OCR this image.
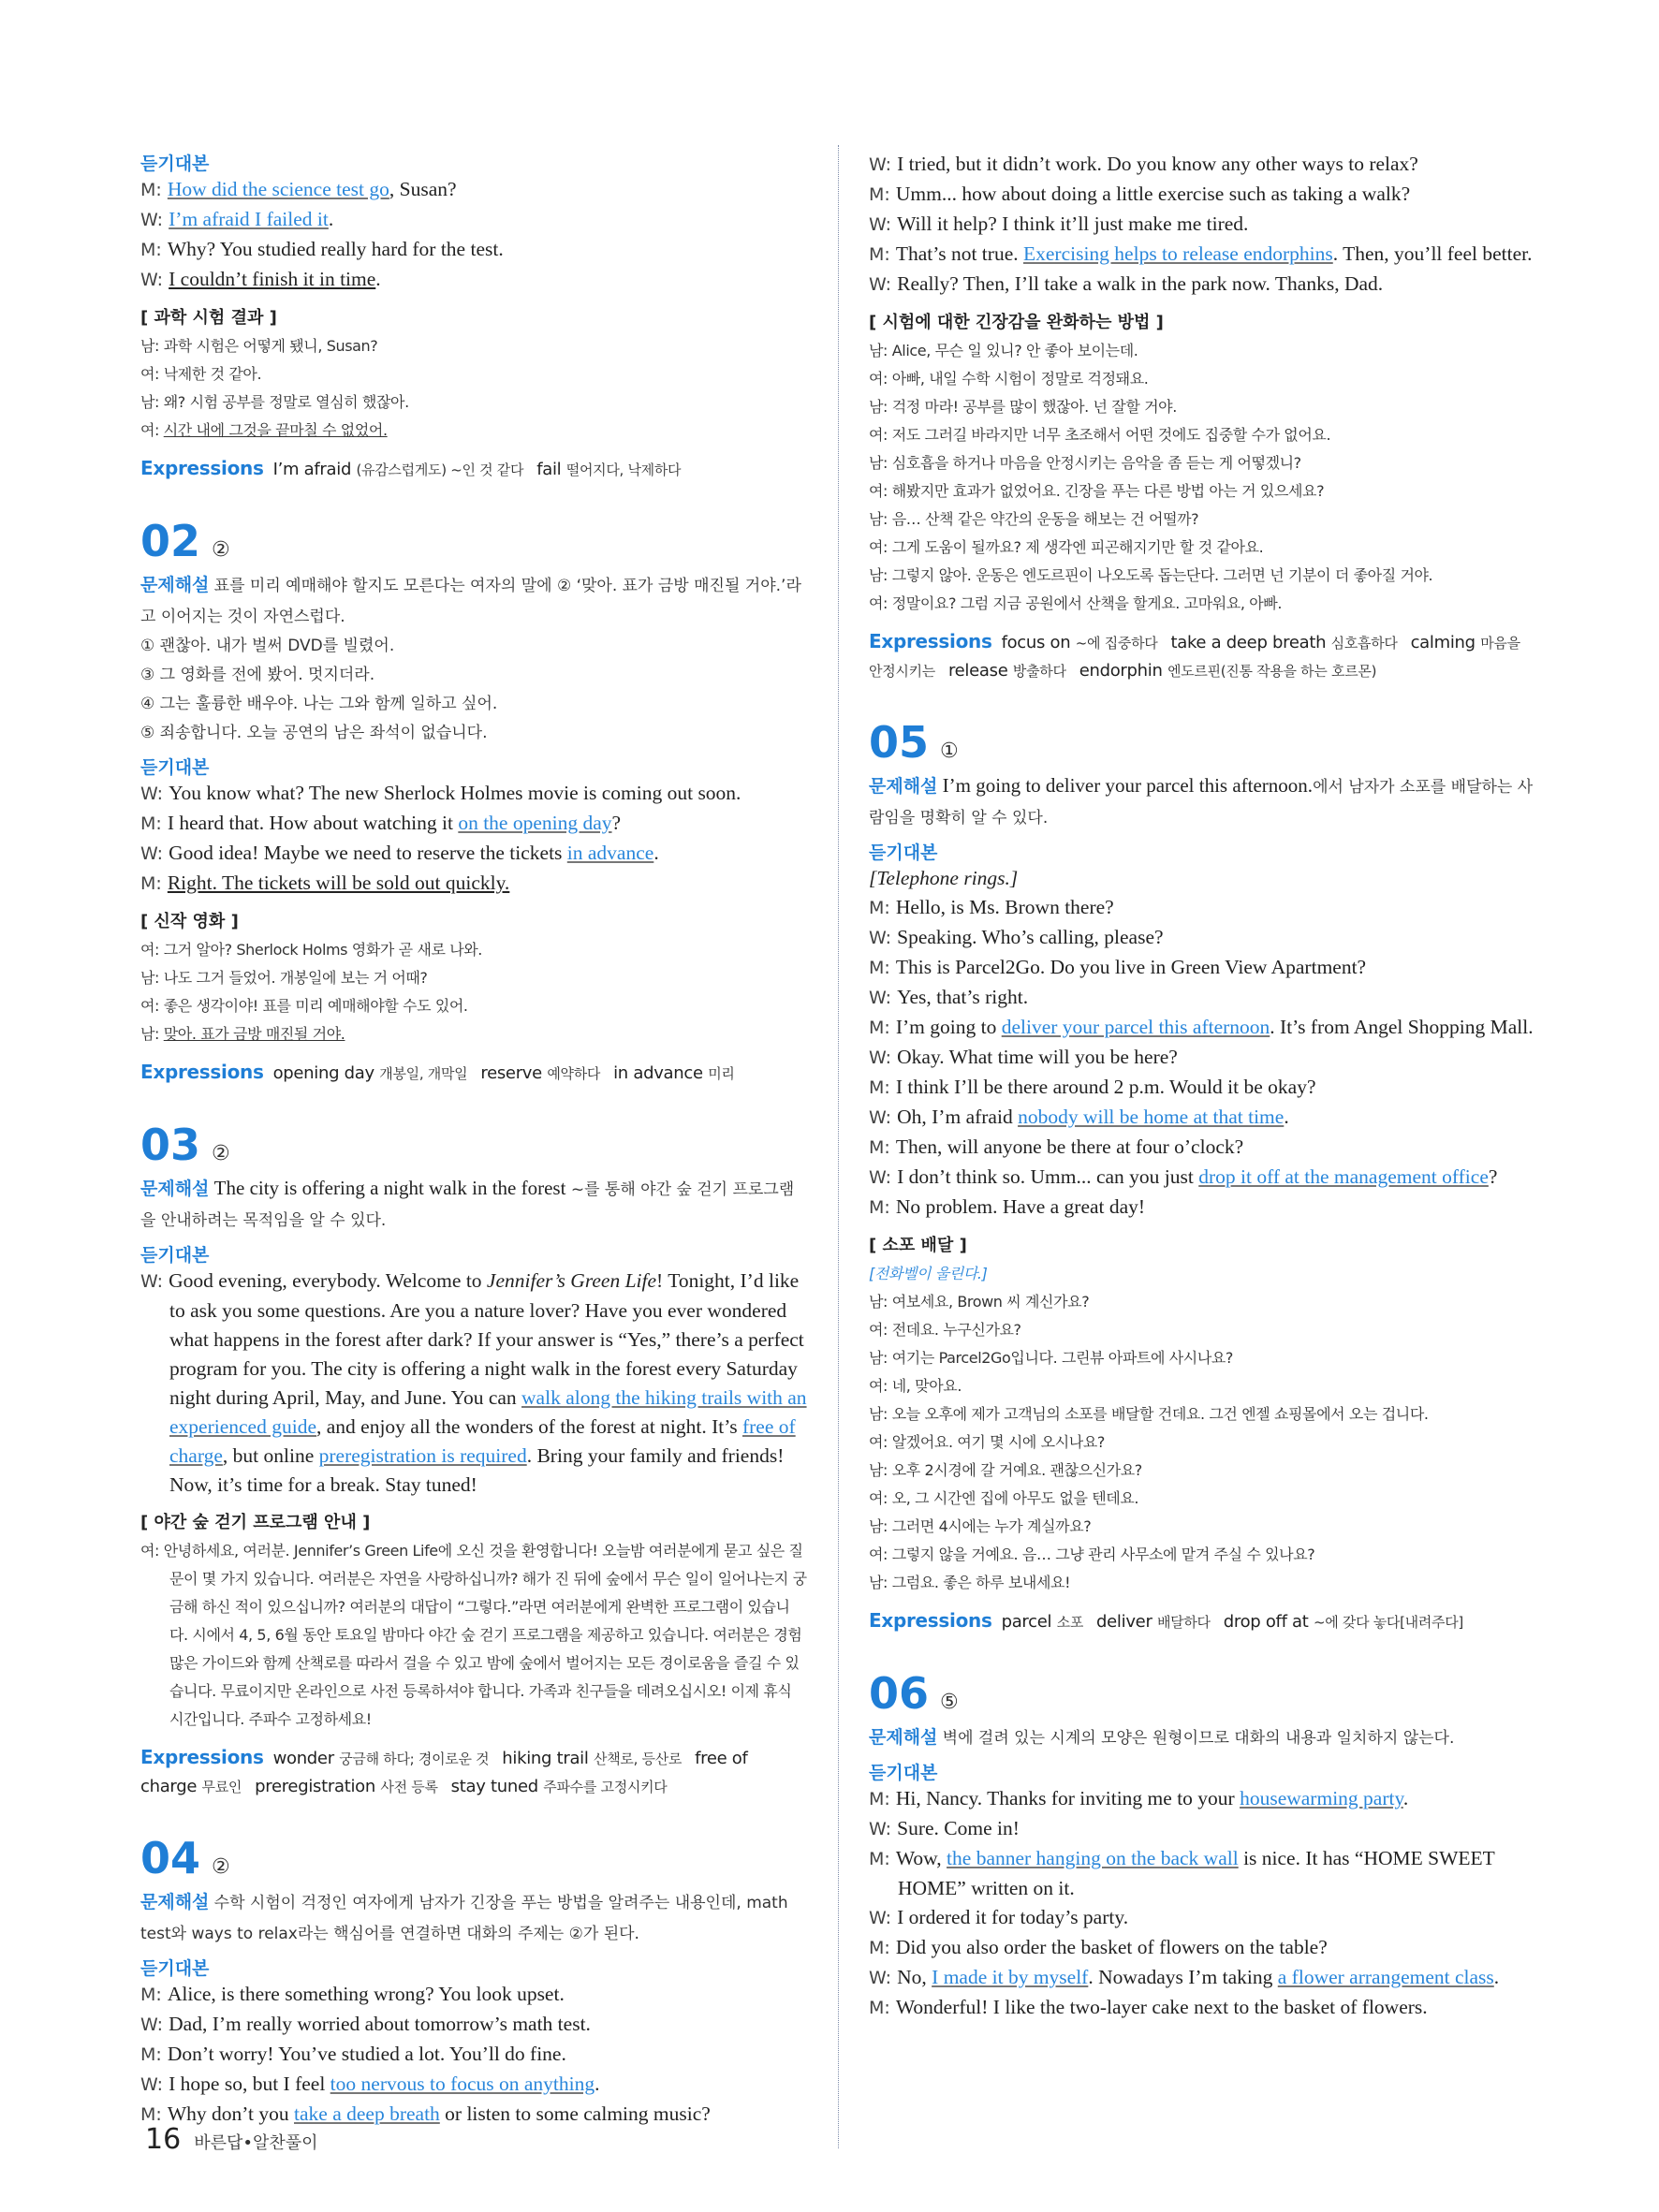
듣기대본

M: How did the science test go, Susan?

W: I’m afraid I failed it.

M: Why? You studied really hard for the test.

W: I couldn’t finish it in time.

[ 과학 시험 결과 ]

남: 과학 시험은 어떻게 됐니, Susan?

여: 낙제한 것 같아.

남: 왜? 시험 공부를 정말로 열심히 했잖아.

여: 시간 내에 그것을 끝마칠 수 없었어.

Expressions I’m afraid (유감스럽게도) ~인 것 같다 fail 떨어지다, 낙제하다
02 ②

문제해설 표를 미리 예매해야 할지도 모른다는 여자의 말에 ② ‘맞아. 표가 금방 매진될 거야.’라고 이어지는 것이 자연스럽다.

① 괜찮아. 내가 벌써 DVD를 빌렸어.

③ 그 영화를 전에 봤어. 멋지더라.

④ 그는 훌륭한 배우야. 나는 그와 함께 일하고 싶어.

⑤ 죄송합니다. 오늘 공연의 남은 좌석이 없습니다.

듣기대본

W: You know what? The new Sherlock Holmes movie is coming out soon.

M: I heard that. How about watching it on the opening day?

W: Good idea! Maybe we need to reserve the tickets in advance.

M: Right. The tickets will be sold out quickly.

[ 신작 영화 ]

여: 그거 알아? Sherlock Holms 영화가 곧 새로 나와.

남: 나도 그거 들었어. 개봉일에 보는 거 어때?

여: 좋은 생각이야! 표를 미리 예매해야할 수도 있어.

남: 맞아. 표가 금방 매진될 거야.

Expressions opening day 개봉일, 개막일 reserve 예약하다 in advance 미리
03 ②

문제해설 The city is offering a night walk in the forest ~를 통해 야간 숲 걷기 프로그램을 안내하려는 목적임을 알 수 있다.

듣기대본

W: Good evening, everybody. Welcome to Jennifer’s Green Life! Tonight, I’d like to ask you some questions. Are you a nature lover? Have you ever wondered what happens in the forest after dark? If your answer is “Yes,” there’s a perfect program for you. The city is offering a night walk in the forest every Saturday night during April, May, and June. You can walk along the hiking trails with an experienced guide, and enjoy all the wonders of the forest at night. It’s free of charge, but online preregistration is required. Bring your family and friends! Now, it’s time for a break. Stay tuned!

[ 야간 숲 걷기 프로그램 안내 ]

여: 안녕하세요, 여러분. Jennifer’s Green Life에 오신 것을 환영합니다! 오늘밤 여러분에게 묻고 싶은 질문이 몇 가지 있습니다. 여러분은 자연을 사랑하십니까? 해가 진 뒤에 숲에서 무슨 일이 일어나는지 궁금해 하신 적이 있으십니까? 여러분의 대답이 “그렇다.”라면 여러분에게 완벽한 프로그램이 있습니다. 시에서 4, 5, 6월 동안 토요일 밤마다 야간 숲 걷기 프로그램을 제공하고 있습니다. 여러분은 경험 많은 가이드와 함께 산책로를 따라서 걸을 수 있고 밤에 숲에서 벌어지는 모든 경이로움을 즐길 수 있습니다. 무료이지만 온라인으로 사전 등록하셔야 합니다. 가족과 친구들을 데려오십시오! 이제 휴식 시간입니다. 주파수 고정하세요!

Expressions wonder 궁금해 하다; 경이로운 것 hiking trail 산책로, 등산로 free of charge 무료인 preregistration 사전 등록 stay tuned 주파수를 고정시키다
04 ②

문제해설 수학 시험이 걱정인 여자에게 남자가 긴장을 푸는 방법을 알려주는 내용인데, math test와 ways to relax라는 핵심어를 연결하면 대화의 주제는 ②가 된다.

듣기대본

M: Alice, is there something wrong? You look upset.

W: Dad, I’m really worried about tomorrow’s math test.

M: Don’t worry! You’ve studied a lot. You’ll do fine.

W: I hope so, but I feel too nervous to focus on anything.

M: Why don’t you take a deep breath or listen to some calming music?

W: I tried, but it didn’t work. Do you know any other ways to relax?

M: Umm... how about doing a little exercise such as taking a walk?

W: Will it help? I think it’ll just make me tired.

M: That’s not true. Exercising helps to release endorphins. Then, you’ll feel better.

W: Really? Then, I’ll take a walk in the park now. Thanks, Dad.

[ 시험에 대한 긴장감을 완화하는 방법 ]

남: Alice, 무슨 일 있니? 안 좋아 보이는데.

여: 아빠, 내일 수학 시험이 정말로 걱정돼요.

남: 걱정 마라! 공부를 많이 했잖아. 넌 잘할 거야.

여: 저도 그러길 바라지만 너무 초조해서 어떤 것에도 집중할 수가 없어요.

남: 심호흡을 하거나 마음을 안정시키는 음악을 좀 듣는 게 어떻겠니?

여: 해봤지만 효과가 없었어요. 긴장을 푸는 다른 방법 아는 거 있으세요?

남: 음… 산책 같은 약간의 운동을 해보는 건 어떨까?

여: 그게 도움이 될까요? 제 생각엔 피곤해지기만 할 것 같아요.

남: 그렇지 않아. 운동은 엔도르핀이 나오도록 돕는단다. 그러면 넌 기분이 더 좋아질 거야.

여: 정말이요? 그럼 지금 공원에서 산책을 할게요. 고마워요, 아빠.

Expressions focus on ~에 집중하다 take a deep breath 심호흡하다 calming 마음을 안정시키는 release 방출하다 endorphin 엔도르핀(진통 작용을 하는 호르몬)
05 ①

문제해설 I’m going to deliver your parcel this afternoon.에서 남자가 소포를 배달하는 사람임을 명확히 알 수 있다.

듣기대본

[Telephone rings.]

M: Hello, is Ms. Brown there?

W: Speaking. Who’s calling, please?

M: This is Parcel2Go. Do you live in Green View Apartment?

W: Yes, that’s right.

M: I’m going to deliver your parcel this afternoon. It’s from Angel Shopping Mall.

W: Okay. What time will you be here?

M: I think I’ll be there around 2 p.m. Would it be okay?

W: Oh, I’m afraid nobody will be home at that time.

M: Then, will anyone be there at four o’clock?

W: I don’t think so. Umm... can you just drop it off at the management office?

M: No problem. Have a great day!

[ 소포 배달 ]

[전화벨이 울린다.]

남: 여보세요, Brown 씨 계신가요?

여: 전데요. 누구신가요?

남: 여기는 Parcel2Go입니다. 그린뷰 아파트에 사시나요?

여: 네, 맞아요.

남: 오늘 오후에 제가 고객님의 소포를 배달할 건데요. 그건 엔젤 쇼핑몰에서 오는 겁니다.

여: 알겠어요. 여기 몇 시에 오시나요?

남: 오후 2시경에 갈 거예요. 괜찮으신가요?

여: 오, 그 시간엔 집에 아무도 없을 텐데요.

남: 그러면 4시에는 누가 계실까요?

여: 그렇지 않을 거예요. 음… 그냥 관리 사무소에 맡겨 주실 수 있나요?

남: 그럼요. 좋은 하루 보내세요!

Expressions parcel 소포 deliver 배달하다 drop off at ~에 갖다 놓다[내려주다]
06 ⑤

문제해설 벽에 걸려 있는 시계의 모양은 원형이므로 대화의 내용과 일치하지 않는다.

듣기대본

M: Hi, Nancy. Thanks for inviting me to your housewarming party.

W: Sure. Come in!

M: Wow, the banner hanging on the back wall is nice. It has “HOME SWEET HOME” written on it.

W: I ordered it for today’s party.

M: Did you also order the basket of flowers on the table?

W: No, I made it by myself. Nowadays I’m taking a flower arrangement class.

M: Wonderful! I like the two-layer cake next to the basket of flowers.

16 바른답•알찬풀이
